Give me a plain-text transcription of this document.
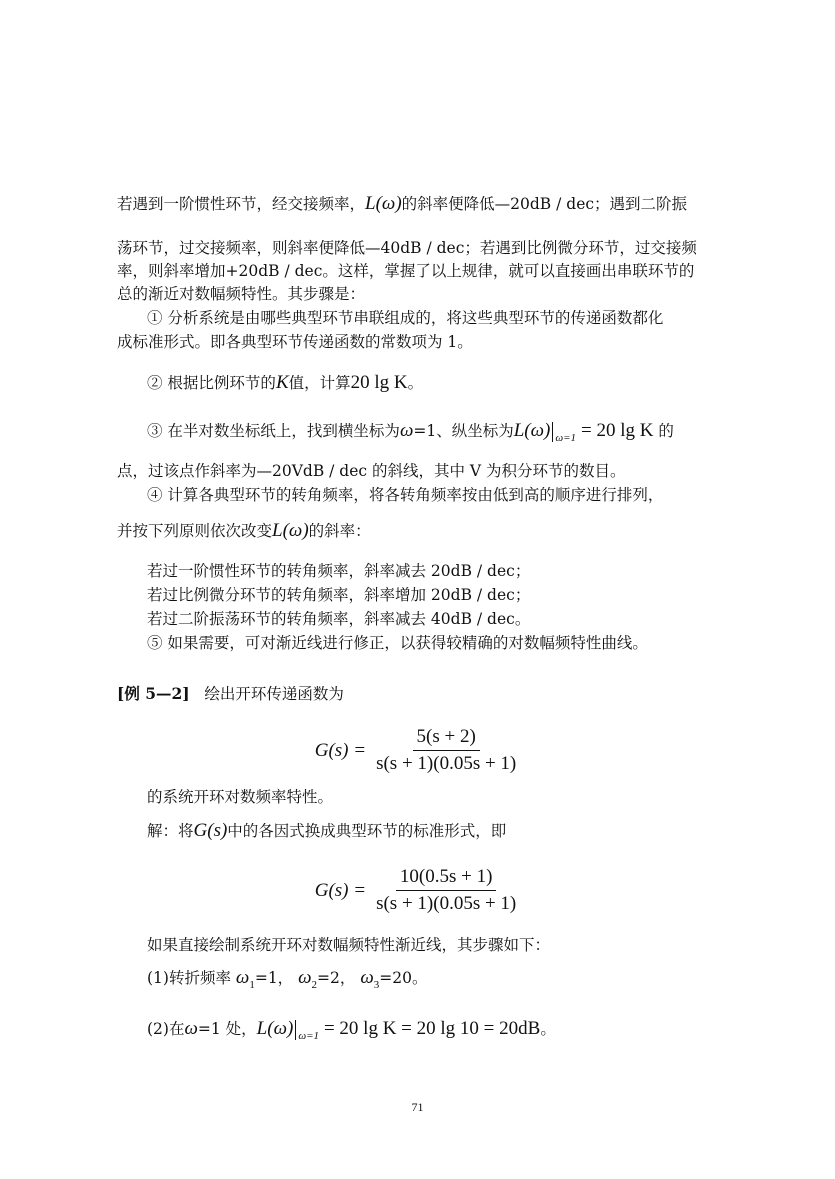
若遇到一阶惯性环节，经交接频率，L(ω)的斜率便降低—20dB / dec；遇到二阶振
荡环节，过交接频率，则斜率便降低—40dB / dec；若遇到比例微分环节，过交接频
率，则斜率增加+20dB / dec。这样，掌握了以上规律，就可以直接画出串联环节的
总的渐近对数幅频特性。其步骤是：
① 分析系统是由哪些典型环节串联组成的，将这些典型环节的传递函数都化
成标准形式。即各典型环节传递函数的常数项为 1。
② 根据比例环节的K值，计算20 lg K。
③ 在半对数坐标纸上，找到横坐标为ω=1、纵坐标为L(ω) $_{\omega=1}$ = 20 lg K 的
点，过该点作斜率为—20VdB / dec 的斜线，其中 V 为积分环节的数目。
④ 计算各典型环节的转角频率，将各转角频率按由低到高的顺序进行排列，
并按下列原则依次改变L(ω)的斜率：
若过一阶惯性环节的转角频率，斜率减去 20dB / dec；
若过比例微分环节的转角频率，斜率增加 20dB / dec；
若过二阶振荡环节的转角频率，斜率减去 40dB / dec。
⑤ 如果需要，可对渐近线进行修正，以获得较精确的对数幅频特性曲线。
[例 5—2] 绘出开环传递函数为
$G(s) = \frac{5(s + 2)}{s(s + 1)(0.05s + 1)}$
的系统开环对数频率特性。
解：将G(s)中的各因式换成典型环节的标准形式，即
$G(s) = \frac{10(0.5s + 1)}{s(s + 1)(0.05s + 1)}$
如果直接绘制系统开环对数幅频特性渐近线，其步骤如下：
(1)转折频率 $\omega_1=1$， $\omega_2=2$， $\omega_3=20$。
(2)在ω=1 处，L(ω) $_{\omega=1}$ = 20 lg K = 20 lg 10 = 20dB。
71
